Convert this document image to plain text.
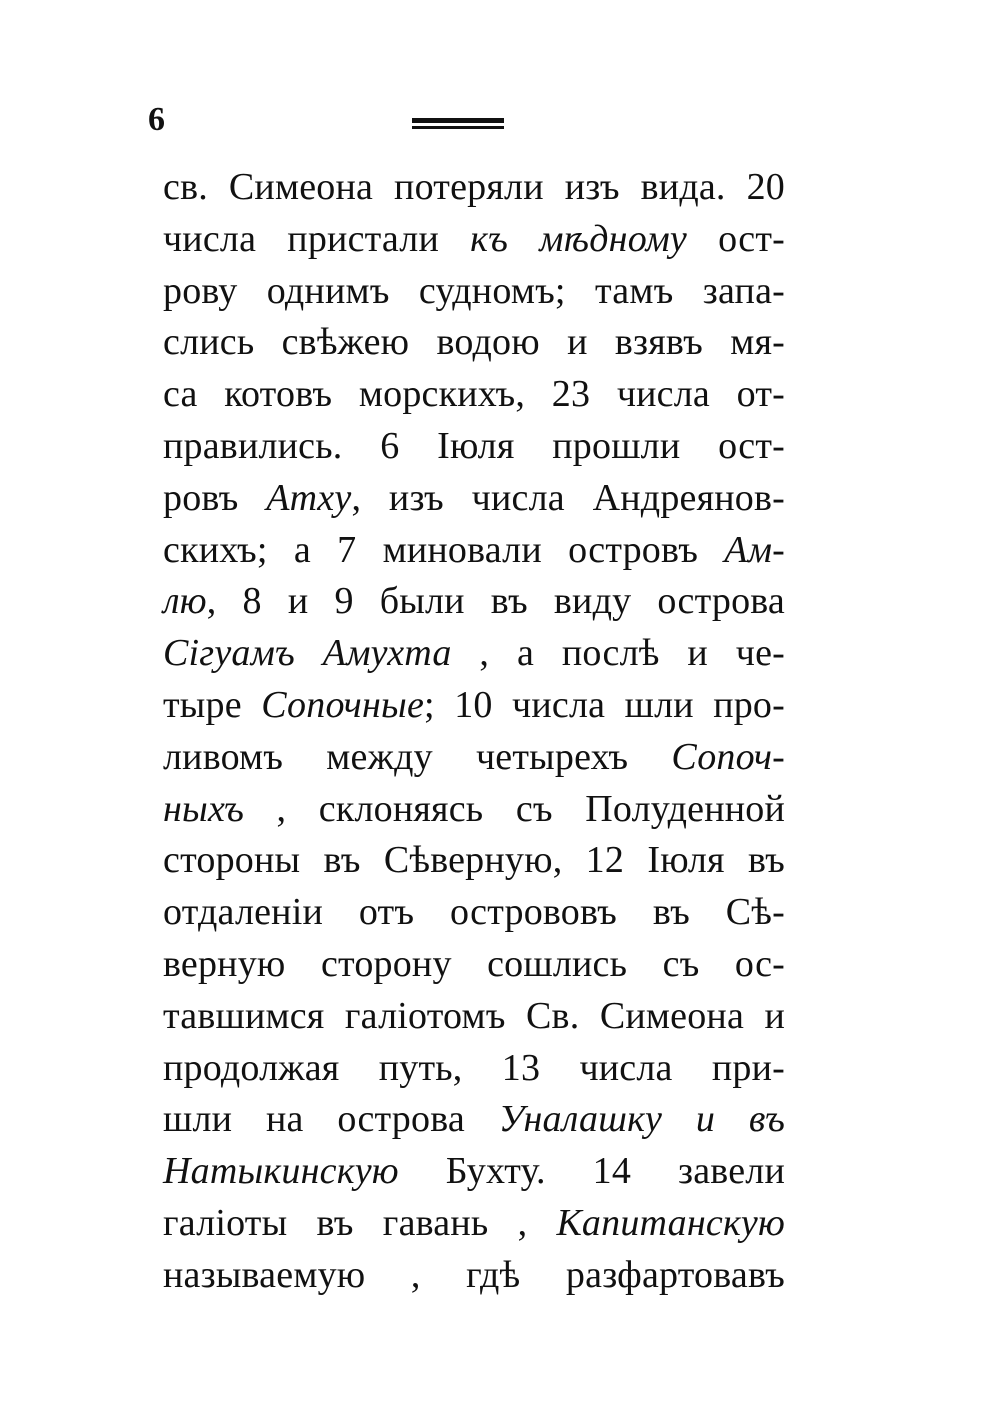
6
св. Симеона потеряли изъ вида. 20
числа пристали къ мѣдному ост-
рову однимъ судномъ; тамъ запа-
слись свѣжею водою и взявъ мя-
са котовъ морскихъ, 23 числа от-
правились. 6 Іюля прошли ост-
ровъ Атху, изъ числа Андреянов-
скихъ; а 7 миновали островъ Ам-
лю, 8 и 9 были въ виду острова
Сігуамъ Амухта , а послѣ и че-
тыре Сопочные; 10 числа шли про-
ливомъ между четырехъ Сопоч-
ныхъ , склоняясь съ Полуденной
стороны въ Сѣверную, 12 Іюля въ
отдаленіи отъ острововъ въ Сѣ-
верную сторону сошлись съ ос-
тавшимся галіотомъ Св. Симеона и
продолжая путь, 13 числа при-
шли на острова Уналашку и въ
Натыкинскую Бухту. 14 завели
галіоты въ гавань , Капитанскую
называемую , гдѣ разфартовавъ
